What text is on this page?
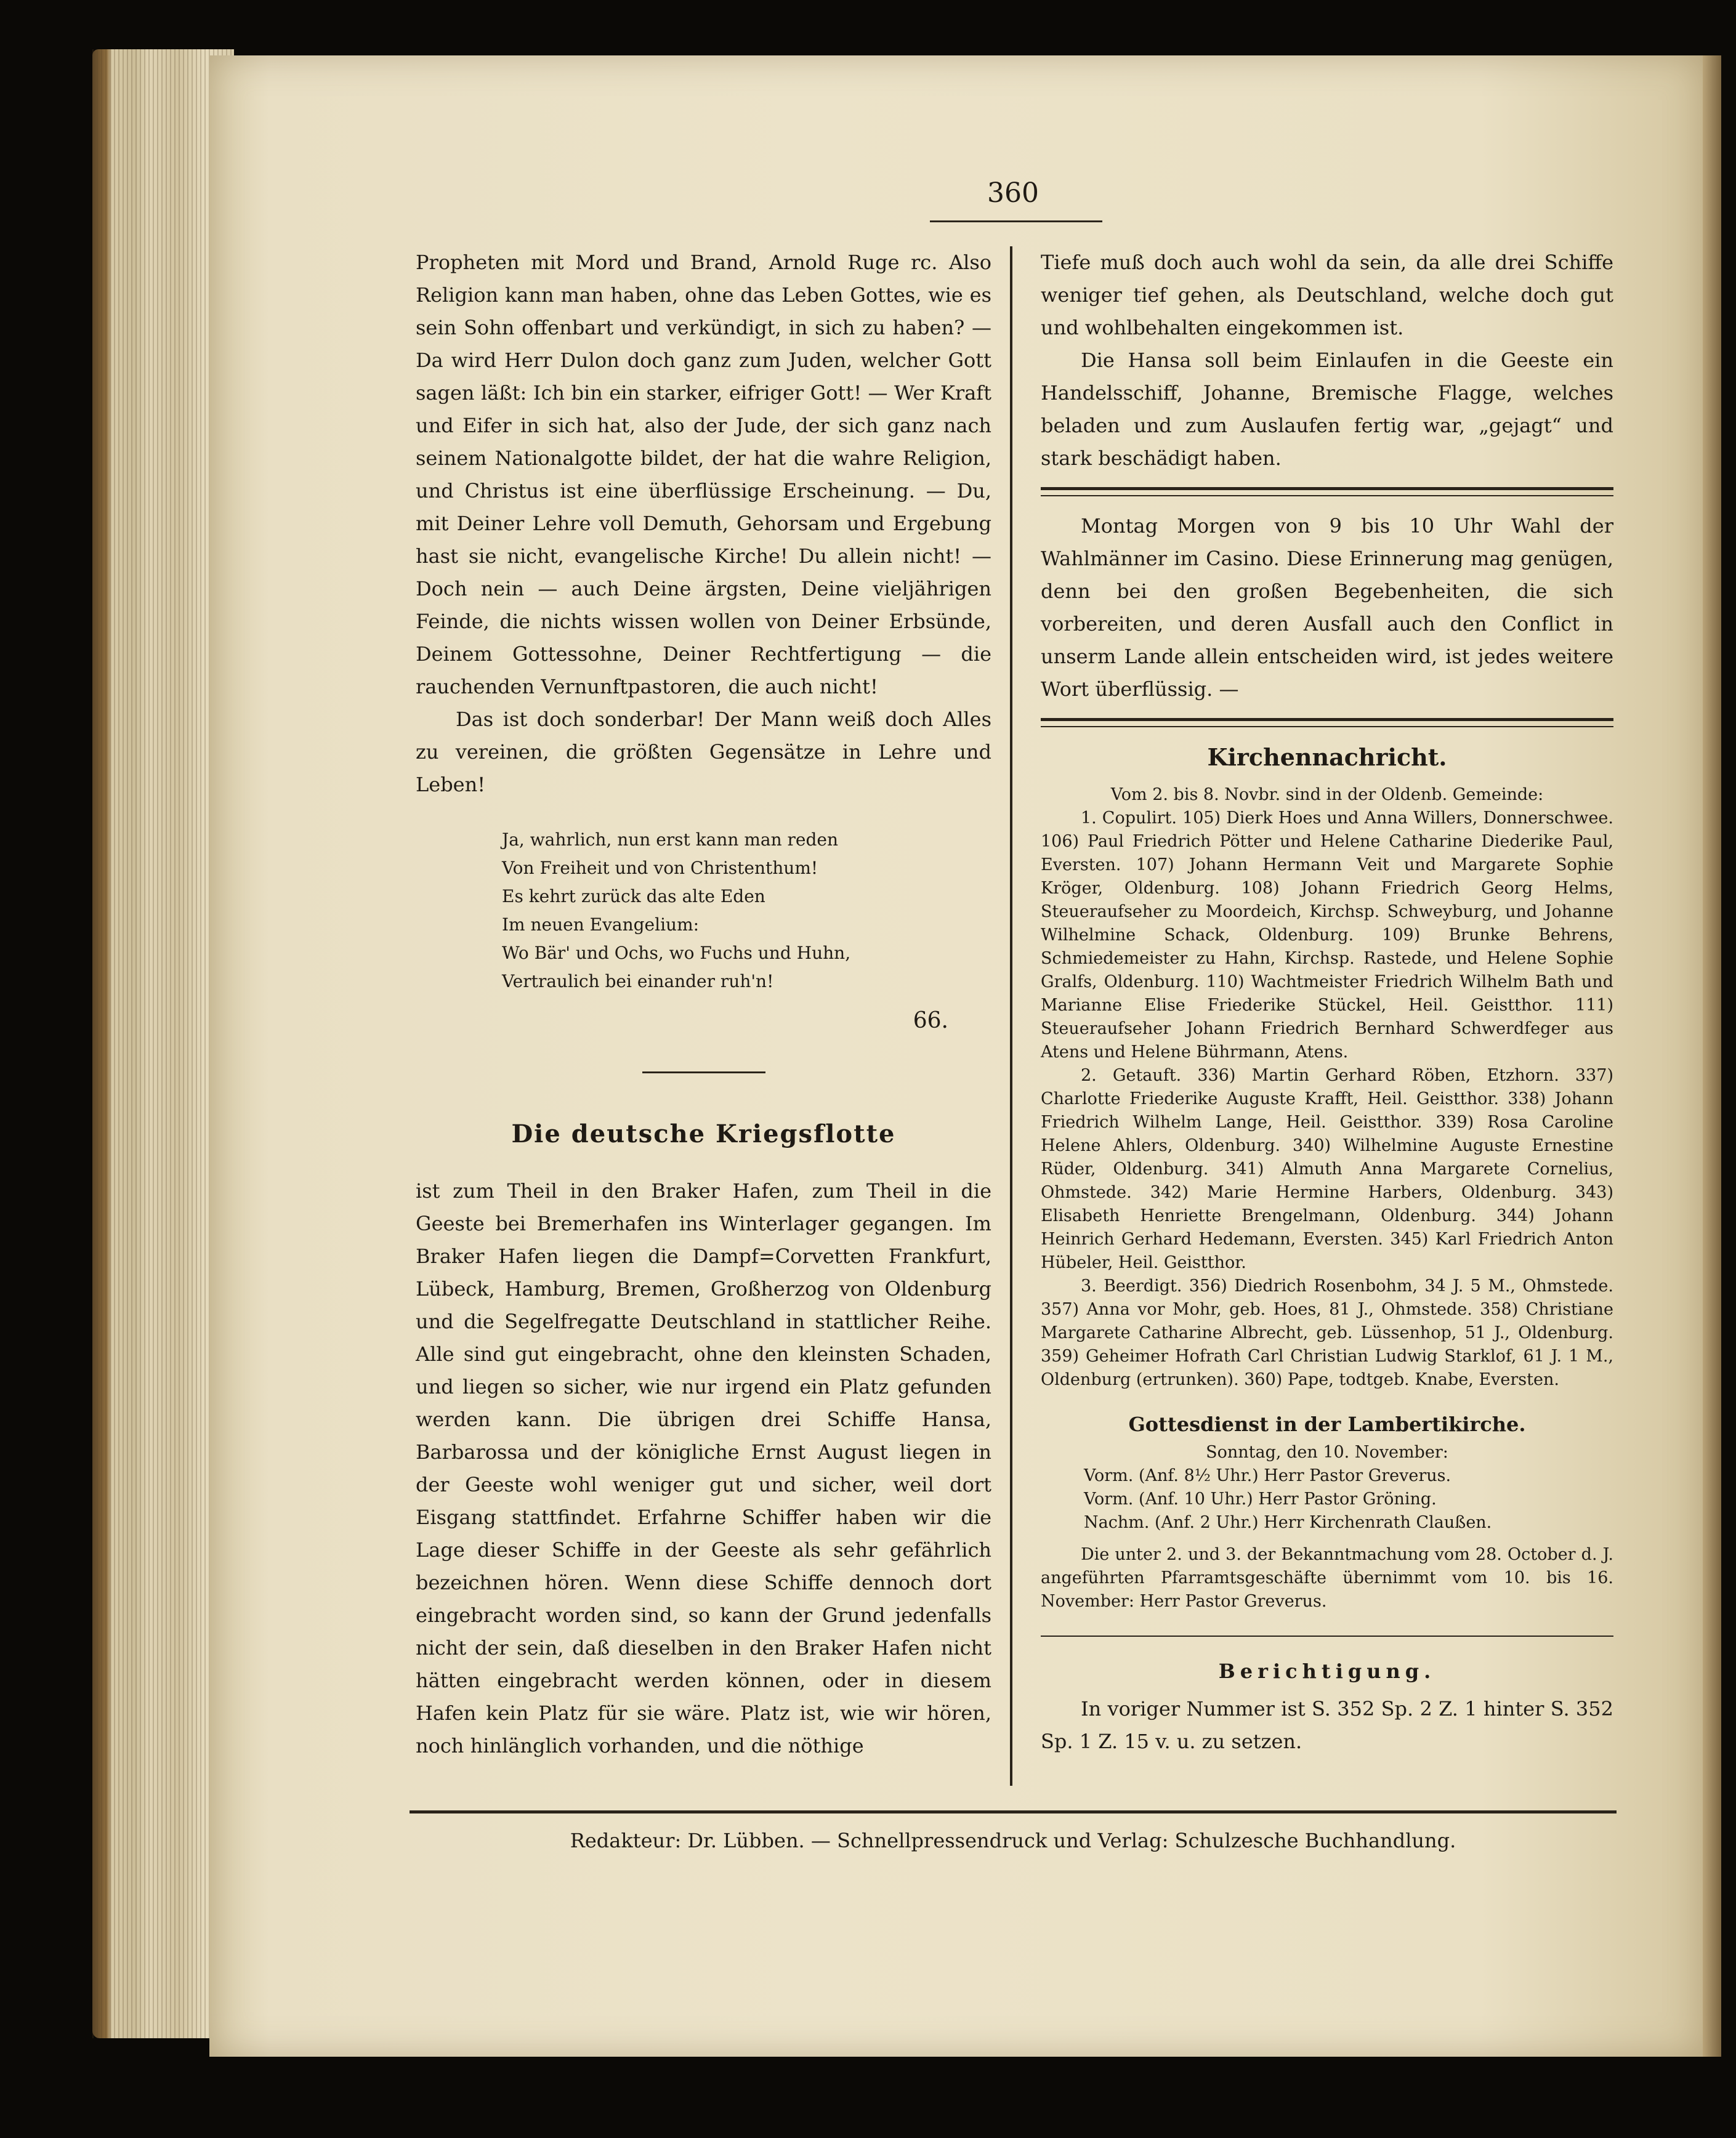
360

Propheten mit Mord und Brand, Arnold Ruge rc. Also Religion kann man haben, ohne das Leben Gottes, wie es sein Sohn offenbart und verkündigt, in sich zu haben? — Da wird Herr Dulon doch ganz zum Juden, welcher Gott sagen läßt: Ich bin ein starker, eifriger Gott! — Wer Kraft und Eifer in sich hat, also der Jude, der sich ganz nach seinem Nationalgotte bildet, der hat die wahre Religion, und Christus ist eine überflüssige Erscheinung. — Du, mit Deiner Lehre voll Demuth, Gehorsam und Ergebung hast sie nicht, evangelische Kirche! Du allein nicht! — Doch nein — auch Deine ärgsten, Deine vieljährigen Feinde, die nichts wissen wollen von Deiner Erbsünde, Deinem Gottessohne, Deiner Rechtfertigung — die rauchenden Vernunftpastoren, die auch nicht!

Das ist doch sonderbar! Der Mann weiß doch Alles zu vereinen, die größten Gegensätze in Lehre und Leben!

Ja, wahrlich, nun erst kann man reden
Von Freiheit und von Christenthum!
Es kehrt zurück das alte Eden
Im neuen Evangelium:
Wo Bär' und Ochs, wo Fuchs und Huhn,
Vertraulich bei einander ruh'n!
66.
Die deutsche Kriegsflotte

ist zum Theil in den Braker Hafen, zum Theil in die Geeste bei Bremerhafen ins Winterlager gegangen. Im Braker Hafen liegen die Dampf=Corvetten Frankfurt, Lübeck, Hamburg, Bremen, Großherzog von Oldenburg und die Segelfregatte Deutschland in stattlicher Reihe. Alle sind gut eingebracht, ohne den kleinsten Schaden, und liegen so sicher, wie nur irgend ein Platz gefunden werden kann. Die übrigen drei Schiffe Hansa, Barbarossa und der königliche Ernst August liegen in der Geeste wohl weniger gut und sicher, weil dort Eisgang stattfindet. Erfahrne Schiffer haben wir die Lage dieser Schiffe in der Geeste als sehr gefährlich bezeichnen hören. Wenn diese Schiffe dennoch dort eingebracht worden sind, so kann der Grund jedenfalls nicht der sein, daß dieselben in den Braker Hafen nicht hätten eingebracht werden können, oder in diesem Hafen kein Platz für sie wäre. Platz ist, wie wir hören, noch hinlänglich vorhanden, und die nöthige

Tiefe muß doch auch wohl da sein, da alle drei Schiffe weniger tief gehen, als Deutschland, welche doch gut und wohlbehalten eingekommen ist.

Die Hansa soll beim Einlaufen in die Geeste ein Handelsschiff, Johanne, Bremische Flagge, welches beladen und zum Auslaufen fertig war, „gejagt“ und stark beschädigt haben.

Montag Morgen von 9 bis 10 Uhr Wahl der Wahlmänner im Casino. Diese Erinnerung mag genügen, denn bei den großen Begebenheiten, die sich vorbereiten, und deren Ausfall auch den Conflict in unserm Lande allein entscheiden wird, ist jedes weitere Wort überflüssig. —

Kirchennachricht.

Vom 2. bis 8. Novbr. sind in der Oldenb. Gemeinde:

1. Copulirt. 105) Dierk Hoes und Anna Willers, Donnerschwee. 106) Paul Friedrich Pötter und Helene Catharine Diederike Paul, Eversten. 107) Johann Hermann Veit und Margarete Sophie Kröger, Oldenburg. 108) Johann Friedrich Georg Helms, Steueraufseher zu Moordeich, Kirchsp. Schweyburg, und Johanne Wilhelmine Schack, Oldenburg. 109) Brunke Behrens, Schmiedemeister zu Hahn, Kirchsp. Rastede, und Helene Sophie Gralfs, Oldenburg. 110) Wachtmeister Friedrich Wilhelm Bath und Marianne Elise Friederike Stückel, Heil. Geistthor. 111) Steueraufseher Johann Friedrich Bernhard Schwerdfeger aus Atens und Helene Bührmann, Atens.

2. Getauft. 336) Martin Gerhard Röben, Etzhorn. 337) Charlotte Friederike Auguste Krafft, Heil. Geistthor. 338) Johann Friedrich Wilhelm Lange, Heil. Geistthor. 339) Rosa Caroline Helene Ahlers, Oldenburg. 340) Wilhelmine Auguste Ernestine Rüder, Oldenburg. 341) Almuth Anna Margarete Cornelius, Ohmstede. 342) Marie Hermine Harbers, Oldenburg. 343) Elisabeth Henriette Brengelmann, Oldenburg. 344) Johann Heinrich Gerhard Hedemann, Eversten. 345) Karl Friedrich Anton Hübeler, Heil. Geistthor.

3. Beerdigt. 356) Diedrich Rosenbohm, 34 J. 5 M., Ohmstede. 357) Anna vor Mohr, geb. Hoes, 81 J., Ohmstede. 358) Christiane Margarete Catharine Albrecht, geb. Lüssenhop, 51 J., Oldenburg. 359) Geheimer Hofrath Carl Christian Ludwig Starklof, 61 J. 1 M., Oldenburg (ertrunken). 360) Pape, todtgeb. Knabe, Eversten.

Gottesdienst in der Lambertikirche.

Sonntag, den 10. November:

Vorm. (Anf. 8½ Uhr.) Herr Pastor Greverus.
Vorm. (Anf. 10 Uhr.) Herr Pastor Gröning.
Nachm. (Anf. 2 Uhr.) Herr Kirchenrath Claußen.

Die unter 2. und 3. der Bekanntmachung vom 28. October d. J. angeführten Pfarramtsgeschäfte übernimmt vom 10. bis 16. November: Herr Pastor Greverus.

Berichtigung.

In voriger Nummer ist S. 352 Sp. 2 Z. 1 hinter S. 352 Sp. 1 Z. 15 v. u. zu setzen.

Redakteur: Dr. Lübben. — Schnellpressendruck und Verlag: Schulzesche Buchhandlung.
